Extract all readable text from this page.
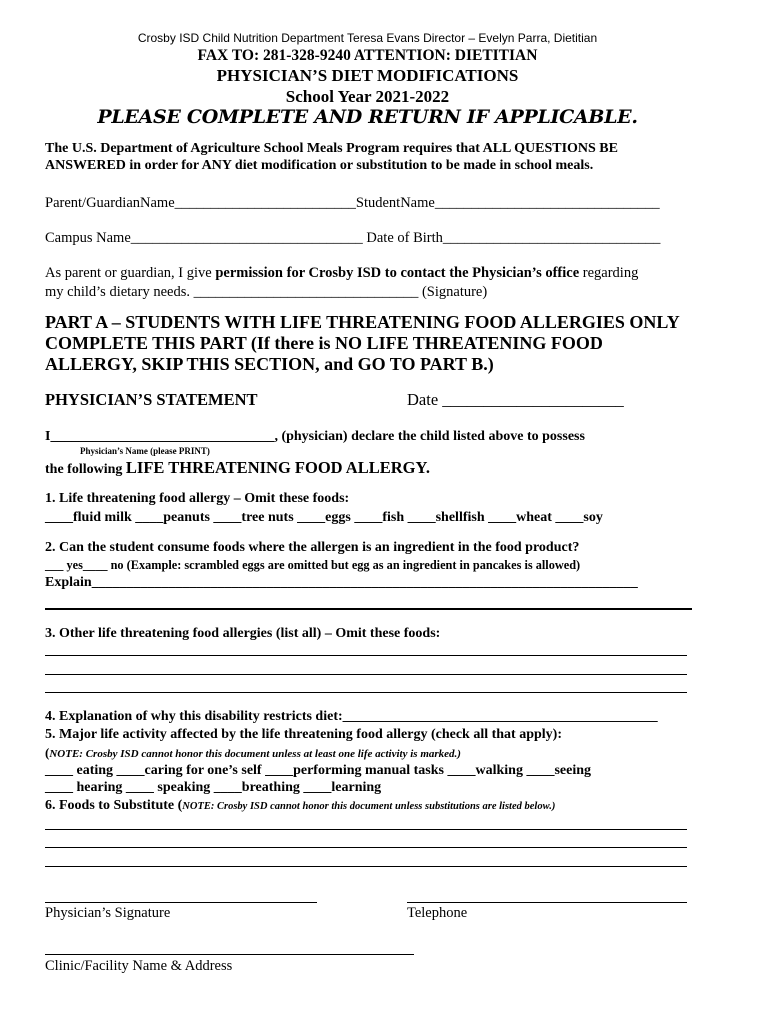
Crosby ISD Child Nutrition Department Teresa Evans Director – Evelyn Parra, Dietitian
FAX TO: 281-328-9240 ATTENTION: DIETITIAN
PHYSICIAN’S DIET MODIFICATIONS
School Year 2021-2022
PLEASE COMPLETE AND RETURN IF APPLICABLE.
The U.S. Department of Agriculture School Meals Program requires that ALL QUESTIONS BE
ANSWERED in order for ANY diet modification or substitution to be made in school meals.
Parent/GuardianName_________________________StudentName_______________________________
Campus Name________________________________ Date of Birth______________________________
As parent or guardian, I give permission for Crosby ISD to contact the Physician’s office regarding
my child’s dietary needs. _______________________________ (Signature)
PART A – STUDENTS WITH LIFE THREATENING FOOD ALLERGIES ONLY
COMPLETE THIS PART (If there is NO LIFE THREATENING FOOD
ALLERGY, SKIP THIS SECTION, and GO TO PART B.)
PHYSICIAN’S STATEMENT	Date ______________________
I________________________________, (physician) declare the child listed above to possess
Physician’s Name (please PRINT)
the following LIFE THREATENING FOOD ALLERGY.
1. Life threatening food allergy – Omit these foods:
____fluid milk ____peanuts ____tree nuts ____eggs ____fish ____shellfish ____wheat ____soy
2. Can the student consume foods where the allergen is an ingredient in the food product?
___ yes____ no (Example: scrambled eggs are omitted but egg as an ingredient in pancakes is allowed)
Explain______________________________________________________________________________
3. Other life threatening food allergies (list all) – Omit these foods:
4. Explanation of why this disability restricts diet:_____________________________________________
5. Major life activity affected by the life threatening food allergy (check all that apply):
(NOTE: Crosby ISD cannot honor this document unless at least one life activity is marked.)
____ eating ____caring for one’s self ____performing manual tasks ____walking ____seeing
____ hearing ____ speaking ____breathing ____learning
6. Foods to Substitute (NOTE: Crosby ISD cannot honor this document unless substitutions are listed below.)
Physician’s Signature	Telephone
Clinic/Facility Name & Address
